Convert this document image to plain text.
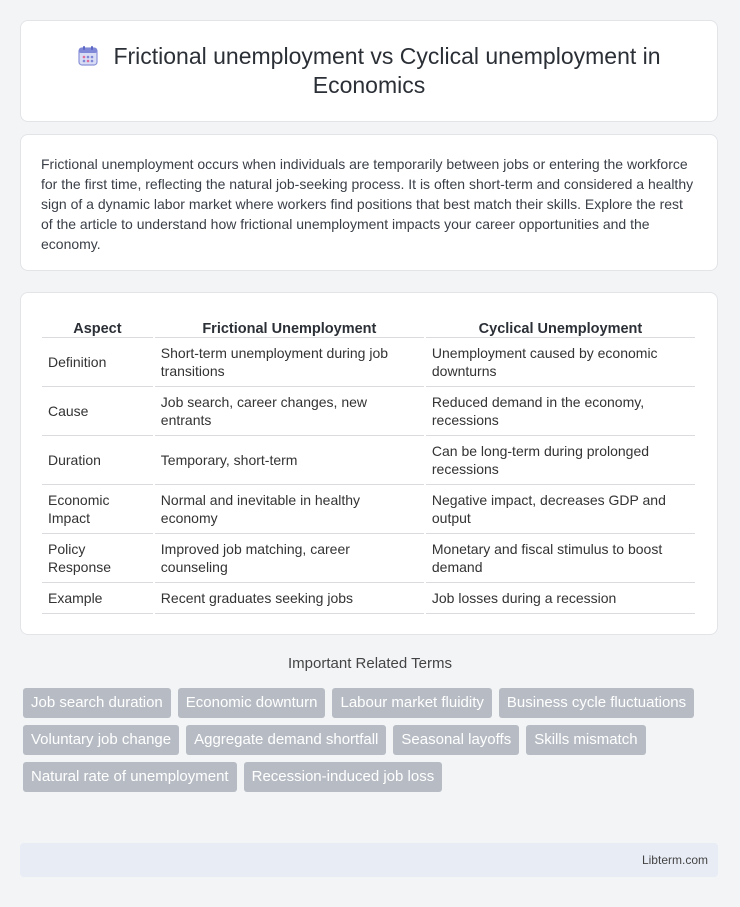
Frictional unemployment vs Cyclical unemployment in Economics
Frictional unemployment occurs when individuals are temporarily between jobs or entering the workforce for the first time, reflecting the natural job-seeking process. It is often short-term and considered a healthy sign of a dynamic labor market where workers find positions that best match their skills. Explore the rest of the article to understand how frictional unemployment impacts your career opportunities and the economy.
Aspect	Frictional Unemployment	Cyclical Unemployment
Definition	Short-term unemployment during job transitions	Unemployment caused by economic downturns
Cause	Job search, career changes, new entrants	Reduced demand in the economy, recessions
Duration	Temporary, short-term	Can be long-term during prolonged recessions
Economic Impact	Normal and inevitable in healthy economy	Negative impact, decreases GDP and output
Policy Response	Improved job matching, career counseling	Monetary and fiscal stimulus to boost demand
Example	Recent graduates seeking jobs	Job losses during a recession
Important Related Terms
Job search duration	Economic downturn	Labour market fluidity	Business cycle fluctuations
Voluntary job change	Aggregate demand shortfall	Seasonal layoffs	Skills mismatch
Natural rate of unemployment	Recession-induced job loss
Libterm.com
